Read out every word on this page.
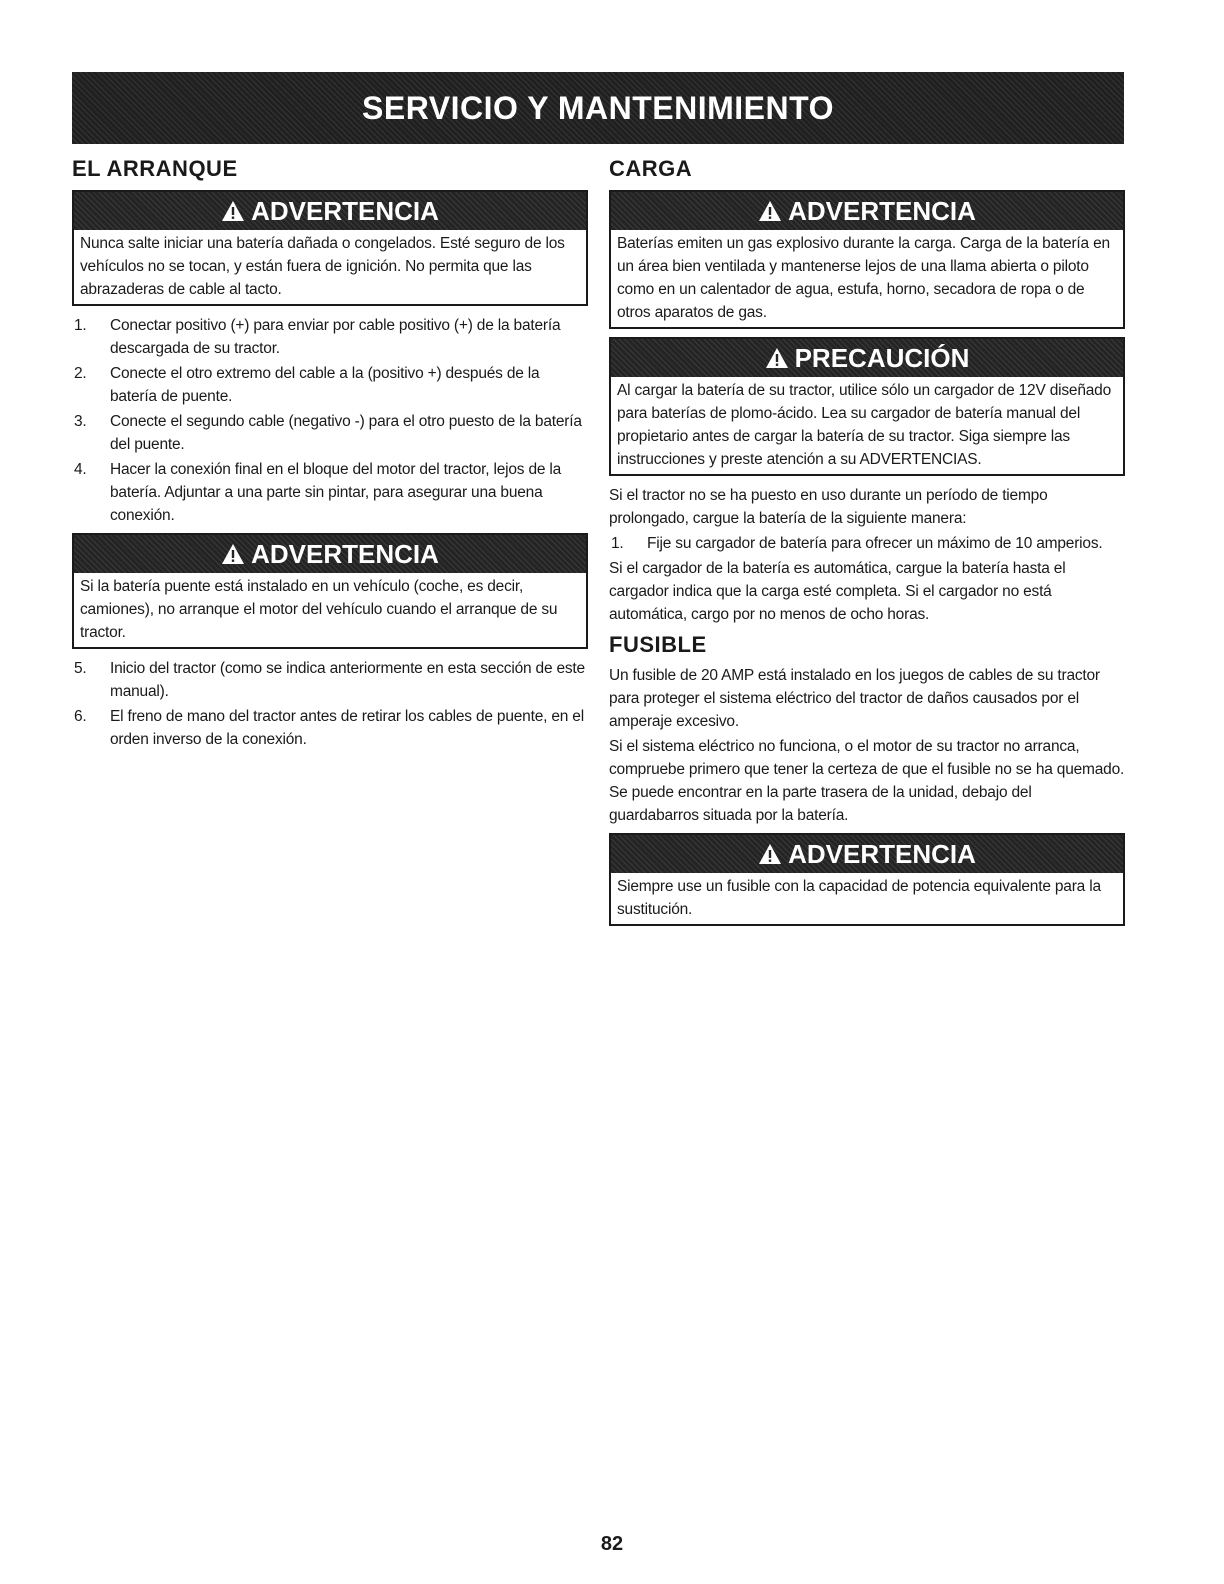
SERVICIO Y MANTENIMIENTO
EL ARRANQUE
ADVERTENCIA
Nunca salte iniciar una batería dañada o congelados. Esté seguro de los vehículos no se tocan, y están fuera de ignición. No permita que las abrazaderas de cable al tacto.
1.	Conectar positivo (+) para enviar por cable positivo (+) de la batería descargada de su tractor.
2.	Conecte el otro extremo del cable a la (positivo +) después de la batería de puente.
3.	Conecte el segundo cable (negativo -) para el otro puesto de la batería del puente.
4.	Hacer la conexión final en el bloque del motor del tractor, lejos de la batería. Adjuntar a una parte sin pintar, para asegurar una buena conexión.
ADVERTENCIA
Si la batería puente está instalado en un vehículo (coche, es decir, camiones), no arranque el motor del vehículo cuando el arranque de su tractor.
5.	Inicio del tractor (como se indica anteriormente en esta sección de este manual).
6.	El freno de mano del tractor antes de retirar los cables de puente, en el orden inverso de la conexión.
CARGA
ADVERTENCIA
Baterías emiten un gas explosivo durante la carga. Carga de la batería en un área bien ventilada y mantenerse lejos de una llama abierta o piloto como en un calentador de agua, estufa, horno, secadora de ropa o de otros aparatos de gas.
PRECAUCIÓN
Al cargar la batería de su tractor, utilice sólo un cargador de 12V diseñado para baterías de plomo-ácido. Lea su cargador de batería manual del propietario antes de cargar la batería de su tractor. Siga siempre las instrucciones y preste atención a su ADVERTENCIAS.

Si el tractor no se ha puesto en uso durante un período de tiempo prolongado, cargue la batería de la siguiente manera:

1.	Fije su cargador de batería para ofrecer un máximo de 10 amperios.

Si el cargador de la batería es automática, cargue la batería hasta el cargador indica que la carga esté completa. Si el cargador no está automática, cargo por no menos de ocho horas.

FUSIBLE

Un fusible de 20 AMP está instalado en los juegos de cables de su tractor para proteger el sistema eléctrico del tractor de daños causados por el amperaje excesivo.

Si el sistema eléctrico no funciona, o el motor de su tractor no arranca, compruebe primero que tener la certeza de que el fusible no se ha quemado. Se puede encontrar en la parte trasera de la unidad, debajo del guardabarros situada por la batería.

ADVERTENCIA
Siempre use un fusible con la capacidad de potencia equivalente para la sustitución.
82
